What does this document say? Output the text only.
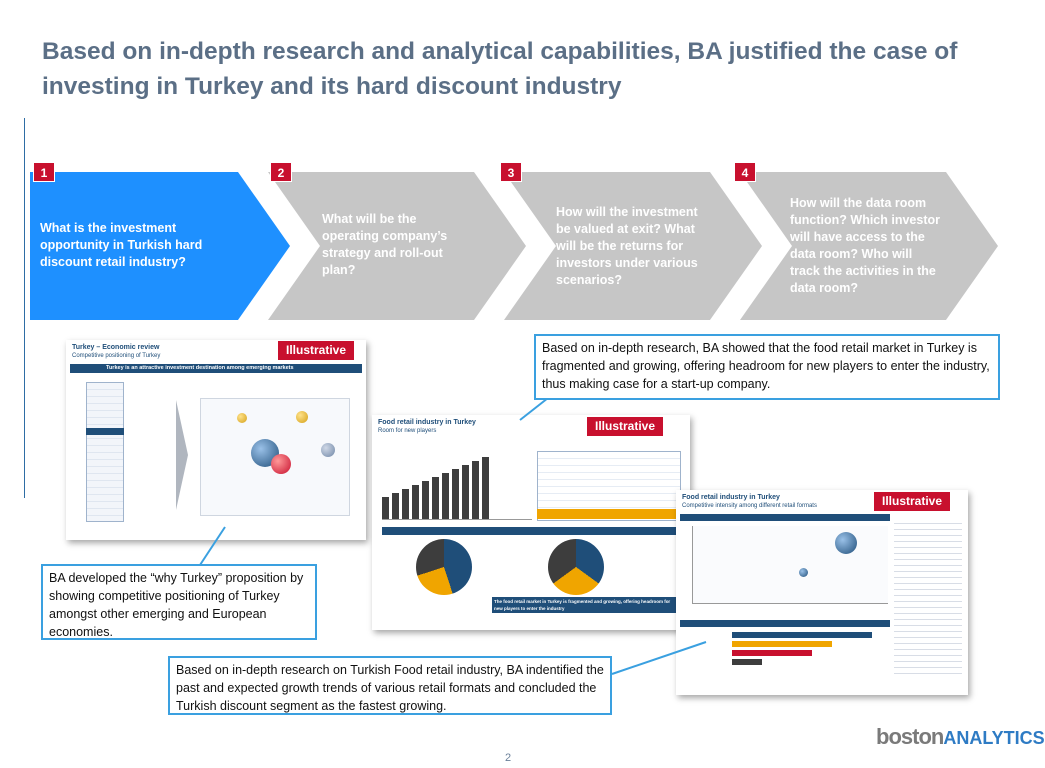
Based on in-depth research and analytical capabilities, BA justified the case of investing in Turkey and its hard discount industry
1	2	3	4
What is the investment opportunity in Turkish hard discount retail industry?
What will be the operating company’s strategy and roll-out plan?
How will the investment be valued at exit? What will be the returns for investors under various scenarios?
How will the data room function? Which investor will have access to the data room? Who will track the activities in the data room?
Turkey – Economic review
Competitive positioning of Turkey
Turkey is an attractive investment destination among emerging markets
Illustrative
Food retail industry in Turkey
Room for new players
The food retail market in Turkey is fragmented and growing, offering headroom for new players to enter the industry
Illustrative
Food retail industry in Turkey
Competitive intensity among different retail formats	Illustrative
Based on in-depth research, BA showed that the food retail market in Turkey is fragmented and growing, offering headroom for new players to enter the industry, thus making case for a start-up company.
BA developed the “why Turkey” proposition by showing competitive positioning of Turkey amongst other emerging and European economies.
Based on in-depth research on Turkish Food retail industry, BA indentified the past and expected growth trends of various retail formats and concluded the Turkish discount segment as the fastest growing.
bostonANALYTICS
2
